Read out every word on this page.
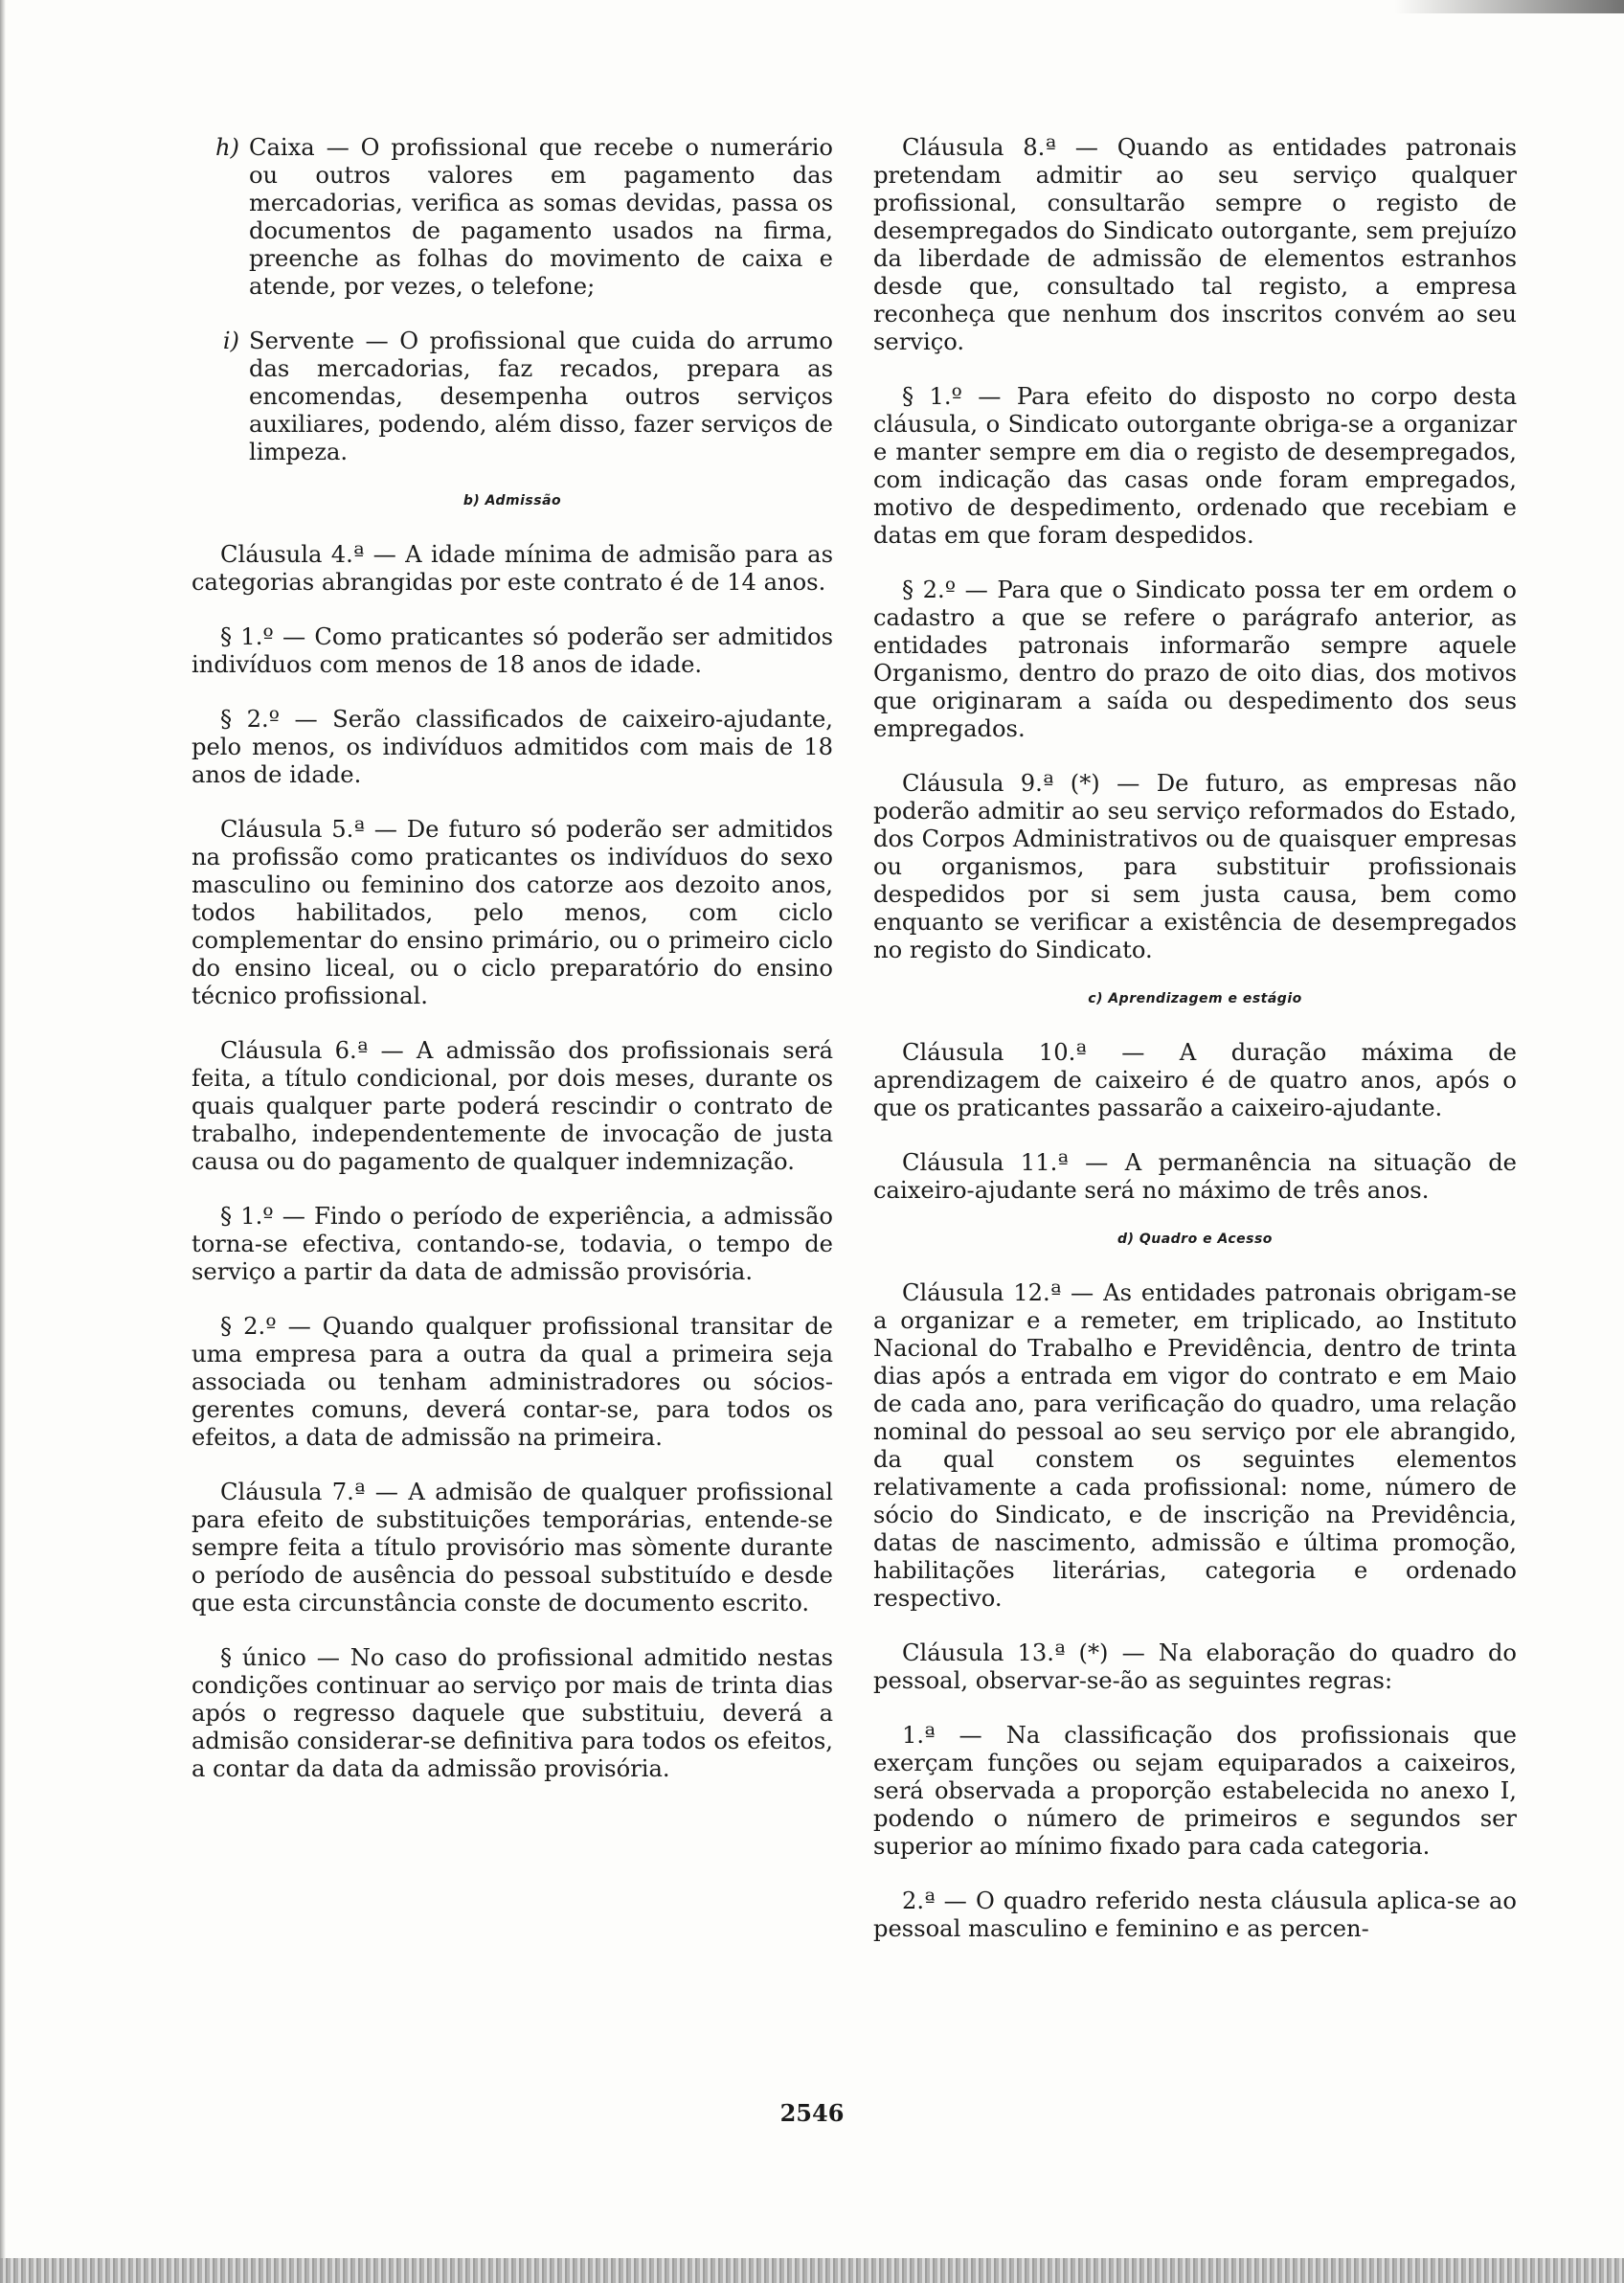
h) Caixa — O profissional que recebe o numerário ou outros valores em pagamento das mercadorias, verifica as somas devidas, passa os documentos de pagamento usados na firma, preenche as folhas do movimento de caixa e atende, por vezes, o telefone;
i) Servente — O profissional que cuida do arrumo das mercadorias, faz recados, prepara as encomendas, desempenha outros serviços auxiliares, podendo, além disso, fazer serviços de limpeza.
b) Admissão

Cláusula 4.ª — A idade mínima de admisão para as categorias abrangidas por este contrato é de 14 anos.

§ 1.º — Como praticantes só poderão ser admitidos indivíduos com menos de 18 anos de idade.

§ 2.º — Serão classificados de caixeiro-ajudante, pelo menos, os indivíduos admitidos com mais de 18 anos de idade.

Cláusula 5.ª — De futuro só poderão ser admitidos na profissão como praticantes os indivíduos do sexo masculino ou feminino dos catorze aos dezoito anos, todos habilitados, pelo menos, com ciclo complementar do ensino primário, ou o primeiro ciclo do ensino liceal, ou o ciclo preparatório do ensino técnico profissional.

Cláusula 6.ª — A admissão dos profissionais será feita, a título condicional, por dois meses, durante os quais qualquer parte poderá rescindir o contrato de trabalho, independentemente de invocação de justa causa ou do pagamento de qualquer indemnização.

§ 1.º — Findo o período de experiência, a admissão torna-se efectiva, contando-se, todavia, o tempo de serviço a partir da data de admissão provisória.

§ 2.º — Quando qualquer profissional transitar de uma empresa para a outra da qual a primeira seja associada ou tenham administradores ou sócios-gerentes comuns, deverá contar-se, para todos os efeitos, a data de admissão na primeira.

Cláusula 7.ª — A admisão de qualquer profissional para efeito de substituições temporárias, entende-se sempre feita a título provisório mas sòmente durante o período de ausência do pessoal substituído e desde que esta circunstância conste de documento escrito.

§ único — No caso do profissional admitido nestas condições continuar ao serviço por mais de trinta dias após o regresso daquele que substituiu, deverá a admisão considerar-se definitiva para todos os efeitos, a contar da data da admissão provisória.

Cláusula 8.ª — Quando as entidades patronais pretendam admitir ao seu serviço qualquer profissional, consultarão sempre o registo de desempregados do Sindicato outorgante, sem prejuízo da liberdade de admissão de elementos estranhos desde que, consultado tal registo, a empresa reconheça que nenhum dos inscritos convém ao seu serviço.

§ 1.º — Para efeito do disposto no corpo desta cláusula, o Sindicato outorgante obriga-se a organizar e manter sempre em dia o registo de desempregados, com indicação das casas onde foram empregados, motivo de despedimento, ordenado que recebiam e datas em que foram despedidos.

§ 2.º — Para que o Sindicato possa ter em ordem o cadastro a que se refere o parágrafo anterior, as entidades patronais informarão sempre aquele Organismo, dentro do prazo de oito dias, dos motivos que originaram a saída ou despedimento dos seus empregados.

Cláusula 9.ª (*) — De futuro, as empresas não poderão admitir ao seu serviço reformados do Estado, dos Corpos Administrativos ou de quaisquer empresas ou organismos, para substituir profissionais despedidos por si sem justa causa, bem como enquanto se verificar a existência de desempregados no registo do Sindicato.

c) Aprendizagem e estágio

Cláusula 10.ª — A duração máxima de aprendizagem de caixeiro é de quatro anos, após o que os praticantes passarão a caixeiro-ajudante.

Cláusula 11.ª — A permanência na situação de caixeiro-ajudante será no máximo de três anos.

d) Quadro e Acesso

Cláusula 12.ª — As entidades patronais obrigam-se a organizar e a remeter, em triplicado, ao Instituto Nacional do Trabalho e Previdência, dentro de trinta dias após a entrada em vigor do contrato e em Maio de cada ano, para verificação do quadro, uma relação nominal do pessoal ao seu serviço por ele abrangido, da qual constem os seguintes elementos relativamente a cada profissional: nome, número de sócio do Sindicato, e de inscrição na Previdência, datas de nascimento, admissão e última promoção, habilitações literárias, categoria e ordenado respectivo.

Cláusula 13.ª (*) — Na elaboração do quadro do pessoal, observar-se-ão as seguintes regras:

1.ª — Na classificação dos profissionais que exerçam funções ou sejam equiparados a caixeiros, será observada a proporção estabelecida no anexo I, podendo o número de primeiros e segundos ser superior ao mínimo fixado para cada categoria.

2.ª — O quadro referido nesta cláusula aplica-se ao pessoal masculino e feminino e as percen-

2546
